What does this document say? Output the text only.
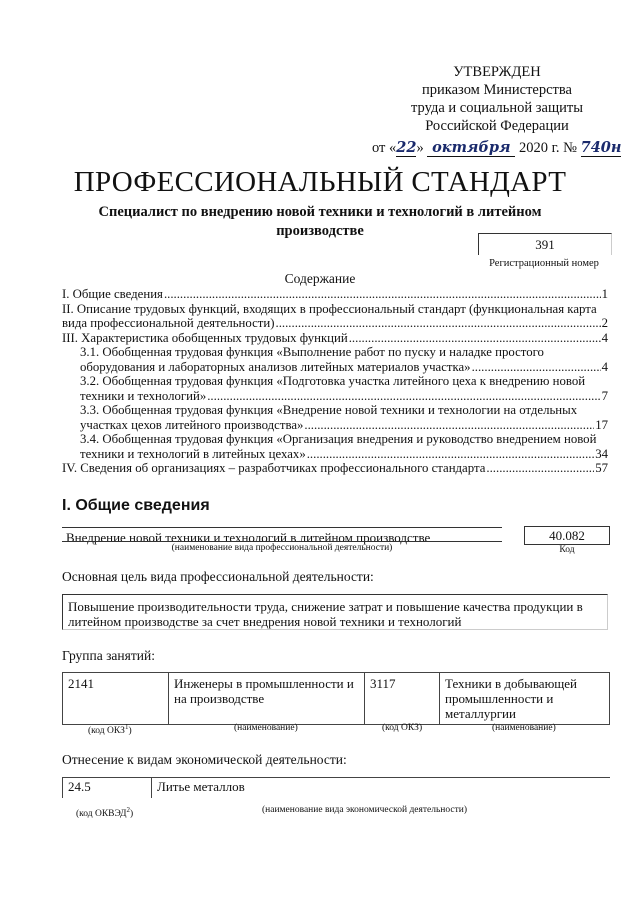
УТВЕРЖДЕН
приказом Министерства
труда и социальной защиты
Российской Федерации
от «22» октября 2020 г. № 740н
ПРОФЕССИОНАЛЬНЫЙ СТАНДАРТ
Специалист по внедрению новой техники и технологий в литейном производстве
391
Регистрационный номер
Содержание
I. Общие сведения .....	1
II. Описание трудовых функций, входящих в профессиональный стандарт (функциональная карта
вида профессиональной деятельности) .....	2
III. Характеристика обобщенных трудовых функций .....	4
3.1. Обобщенная трудовая функция «Выполнение работ по пуску и наладке простого
оборудования и лабораторных анализов литейных материалов участка» .....	4
3.2. Обобщенная трудовая функция «Подготовка участка литейного цеха к внедрению новой
техники и технологий» .....	7
3.3. Обобщенная трудовая функция «Внедрение новой техники и технологии на отдельных
участках цехов литейного производства» .....	17
3.4. Обобщенная трудовая функция «Организация внедрения и руководство внедрением новой
техники и технологий в литейных цехах» .....	34
IV. Сведения об организациях – разработчиках профессионального стандарта .....	57
I. Общие сведения
Внедрение новой техники и технологий в литейном производстве
(наименование вида профессиональной деятельности)
40.082
Код
Основная цель вида профессиональной деятельности:
Повышение производительности труда, снижение затрат и повышение качества продукции в литейном производстве за счет внедрения новой техники и технологий
Группа занятий:
2141	Инженеры в промышленности и на производстве	3117	Техники в добывающей промышленности и металлургии
(код ОКЗ$^1$)	(наименование)	(код ОКЗ)	(наименование)
Отнесение к видам экономической деятельности:
24.5	Литье металлов
(код ОКВЭД$^2$)	(наименование вида экономической деятельности)
